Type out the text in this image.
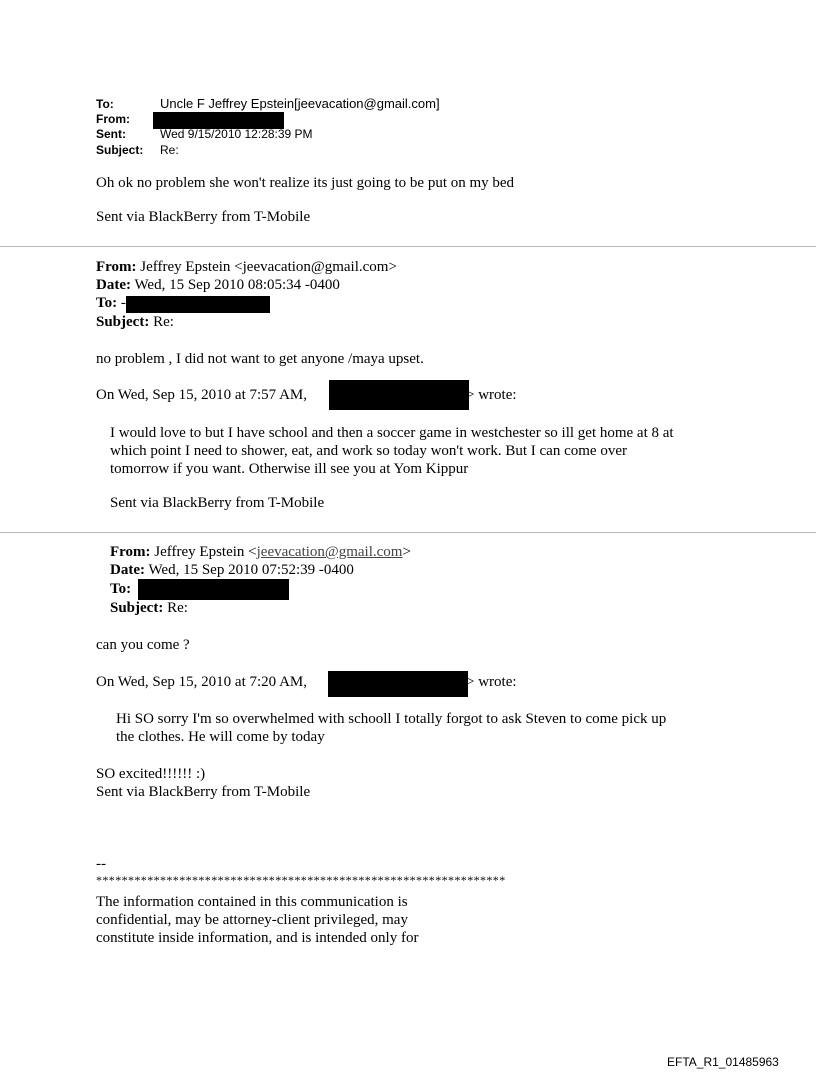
To:	Uncle F Jeffrey Epstein[jeevacation@gmail.com]
From:
Sent:	Wed 9/15/2010 12:28:39 PM
Subject: Re:
Oh ok no problem she won't realize its just going to be put on my bed
Sent via BlackBerry from T-Mobile
From: Jeffrey Epstein <jeevacation@gmail.com>
Date: Wed, 15 Sep 2010 08:05:34 -0400
To: -
Subject: Re:
no problem , I did not want to get anyone /maya upset.
On Wed, Sep 15, 2010 at 7:57 AM,	> wrote:
I would love to but I have school and then a soccer game in westchester so ill get home at 8 at
which point I need to shower, eat, and work so today won't work. But I can come over
tomorrow if you want. Otherwise ill see you at Yom Kippur
Sent via BlackBerry from T-Mobile
From: Jeffrey Epstein <jeevacation@gmail.com>
Date: Wed, 15 Sep 2010 07:52:39 -0400
To:
Subject: Re:
can you come ?
On Wed, Sep 15, 2010 at 7:20 AM,	> wrote:
Hi SO sorry I'm so overwhelmed with schooll I totally forgot to ask Steven to come pick up
the clothes. He will come by today
SO excited!!!!!! :)
Sent via BlackBerry from T-Mobile
--
****************************************************************
The information contained in this communication is
confidential, may be attorney-client privileged, may
constitute inside information, and is intended only for
EFTA_R1_01485963
